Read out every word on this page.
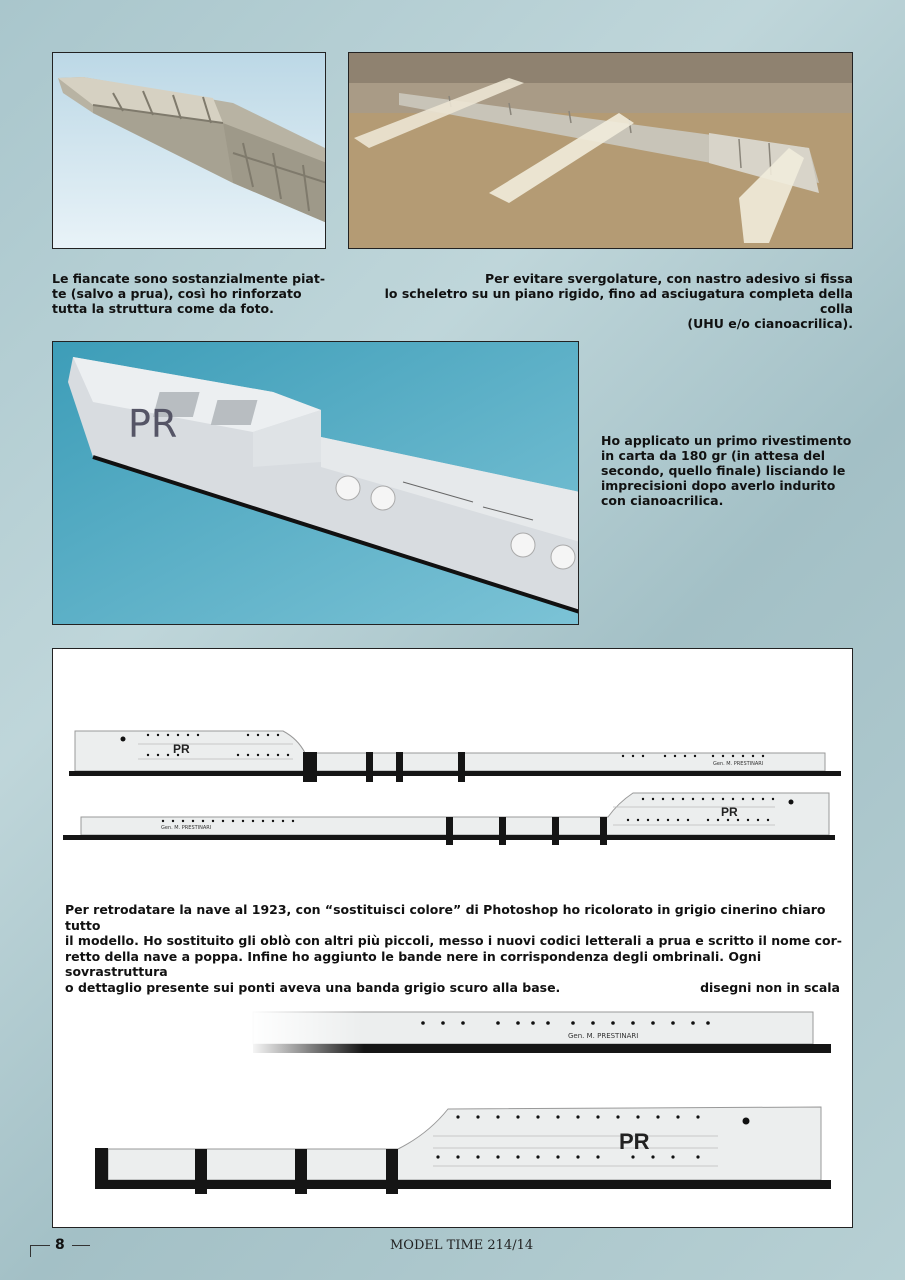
Le fiancate sono sostanzialmente piat-
te (salvo a prua), così ho rinforzato
tutta la struttura come da foto.

Per evitare svergolature, con nastro adesivo si fissa
lo scheletro su un piano rigido, fino ad asciugatura completa della colla
(UHU e/o cianoacrilica).

PR	Ho applicato un primo rivestimento
in carta da 180 gr (in attesa del
secondo, quello finale) lisciando le
imprecisioni dopo averlo indurito
con cianoacrilica.

PR
Gen. M. PRESTINARI
PR
Gen. M. PRESTINARI

Per retrodatare la nave al 1923, con “sostituisci colore” di Photoshop ho ricolorato in grigio cinerino chiaro tutto
il modello. Ho sostituito gli oblò con altri più piccoli, messo i nuovi codici letterali a prua e scritto il nome cor-
retto della nave a poppa. Infine ho aggiunto le bande nere in corrispondenza degli ombrinali. Ogni sovrastruttura
o dettaglio presente sui ponti aveva una banda grigio scuro alla base.	disegni non in scala
Gen. M. PRESTINARI
PR
8	MODEL TIME 214/14
